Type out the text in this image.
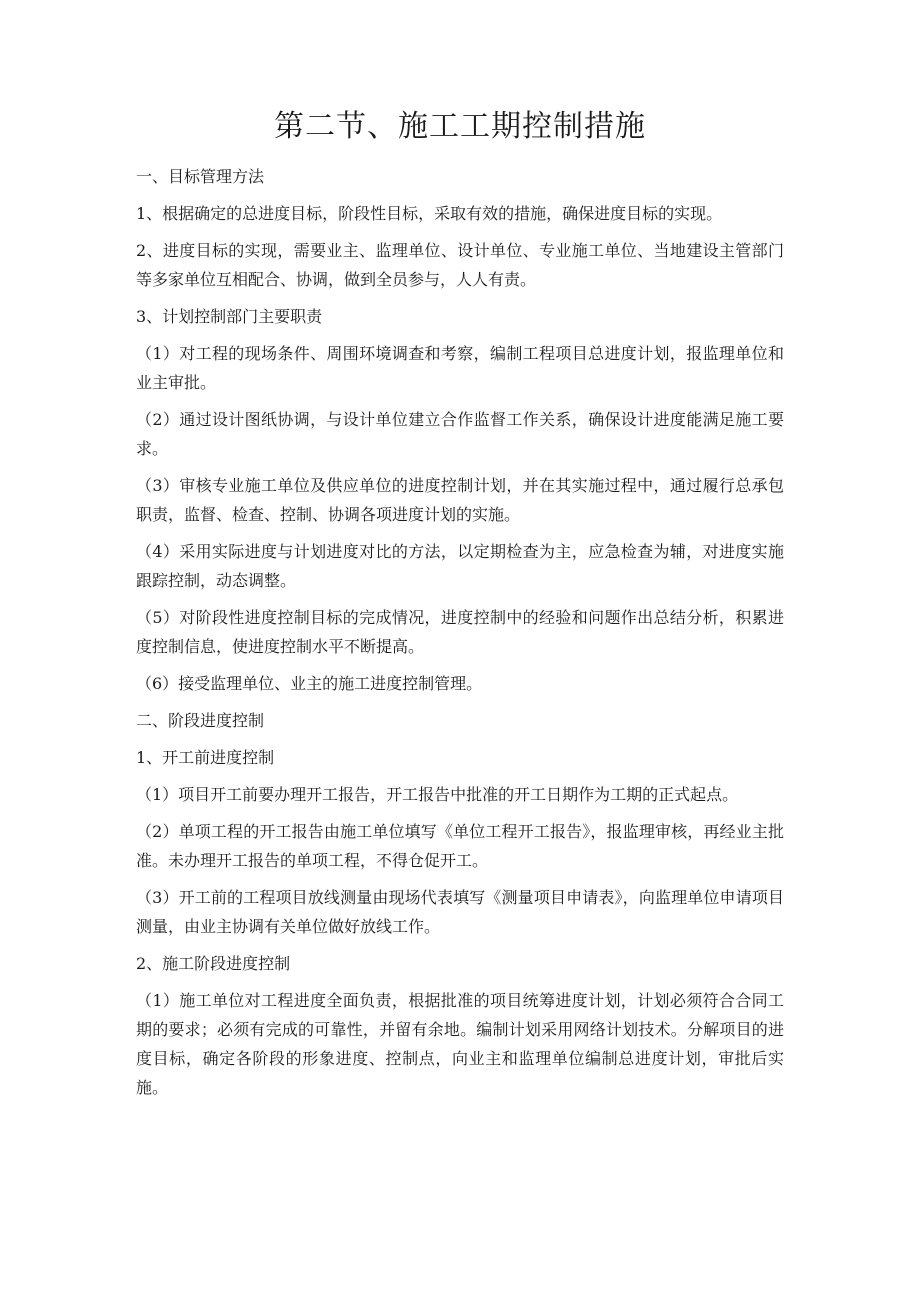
第二节、施工工期控制措施

一、目标管理方法

1、根据确定的总进度目标，阶段性目标，采取有效的措施，确保进度目标的实现。

2、进度目标的实现，需要业主、监理单位、设计单位、专业施工单位、当地建设主管部门等多家单位互相配合、协调，做到全员参与，人人有责。

3、计划控制部门主要职责

（1）对工程的现场条件、周围环境调查和考察，编制工程项目总进度计划，报监理单位和业主审批。

（2）通过设计图纸协调，与设计单位建立合作监督工作关系，确保设计进度能满足施工要求。

（3）审核专业施工单位及供应单位的进度控制计划，并在其实施过程中，通过履行总承包职责，监督、检查、控制、协调各项进度计划的实施。

（4）采用实际进度与计划进度对比的方法，以定期检查为主，应急检查为辅，对进度实施跟踪控制，动态调整。

（5）对阶段性进度控制目标的完成情况，进度控制中的经验和问题作出总结分析，积累进度控制信息，使进度控制水平不断提高。

（6）接受监理单位、业主的施工进度控制管理。

二、阶段进度控制

1、开工前进度控制

（1）项目开工前要办理开工报告，开工报告中批准的开工日期作为工期的正式起点。

（2）单项工程的开工报告由施工单位填写《单位工程开工报告》，报监理审核，再经业主批准。未办理开工报告的单项工程，不得仓促开工。

（3）开工前的工程项目放线测量由现场代表填写《测量项目申请表》，向监理单位申请项目测量，由业主协调有关单位做好放线工作。

2、施工阶段进度控制

（1）施工单位对工程进度全面负责，根据批准的项目统筹进度计划，计划必须符合合同工期的要求；必须有完成的可靠性，并留有余地。编制计划采用网络计划技术。分解项目的进度目标，确定各阶段的形象进度、控制点，向业主和监理单位编制总进度计划，审批后实施。
